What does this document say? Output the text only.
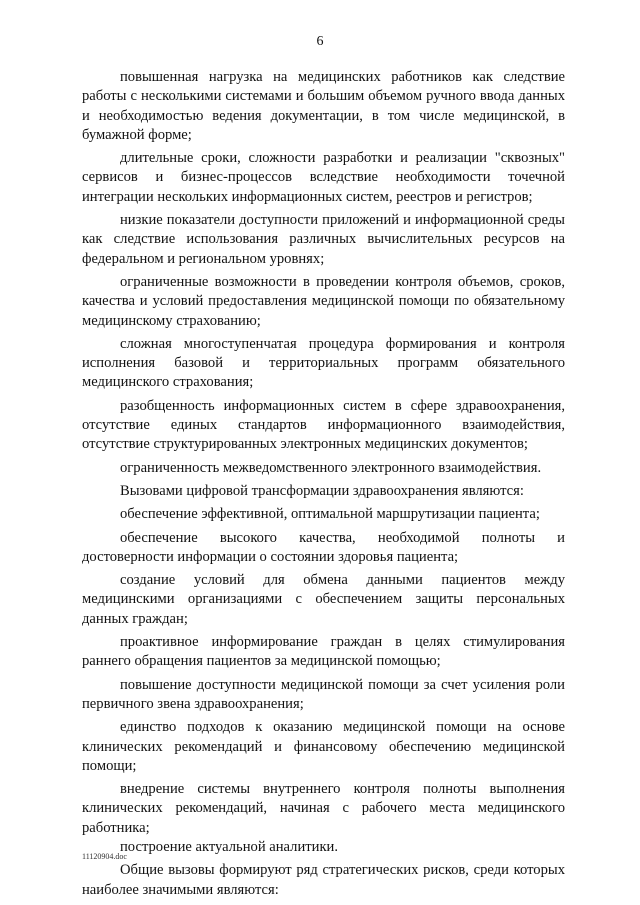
6

повышенная нагрузка на медицинских работников как следствие работы с несколькими системами и большим объемом ручного ввода данных и необходимостью ведения документации, в том числе медицинской, в бумажной форме;

длительные сроки, сложности разработки и реализации "сквозных" сервисов и бизнес-процессов вследствие необходимости точечной интеграции нескольких информационных систем, реестров и регистров;

низкие показатели доступности приложений и информационной среды как следствие использования различных вычислительных ресурсов на федеральном и региональном уровнях;

ограниченные возможности в проведении контроля объемов, сроков, качества и условий предоставления медицинской помощи по обязательному медицинскому страхованию;

сложная многоступенчатая процедура формирования и контроля исполнения базовой и территориальных программ обязательного медицинского страхования;

разобщенность информационных систем в сфере здравоохранения, отсутствие единых стандартов информационного взаимодействия, отсутствие структурированных электронных медицинских документов;

ограниченность межведомственного электронного взаимодействия.

Вызовами цифровой трансформации здравоохранения являются:

обеспечение эффективной, оптимальной маршрутизации пациента;

обеспечение высокого качества, необходимой полноты и достоверности информации о состоянии здоровья пациента;

создание условий для обмена данными пациентов между медицинскими организациями с обеспечением защиты персональных данных граждан;

проактивное информирование граждан в целях стимулирования раннего обращения пациентов за медицинской помощью;

повышение доступности медицинской помощи за счет усиления роли первичного звена здравоохранения;

единство подходов к оказанию медицинской помощи на основе клинических рекомендаций и финансовому обеспечению медицинской помощи;

внедрение системы внутреннего контроля полноты выполнения клинических рекомендаций, начиная с рабочего места медицинского работника;

построение актуальной аналитики.

Общие вызовы формируют ряд стратегических рисков, среди которых наиболее значимыми являются:

11120904.doc
